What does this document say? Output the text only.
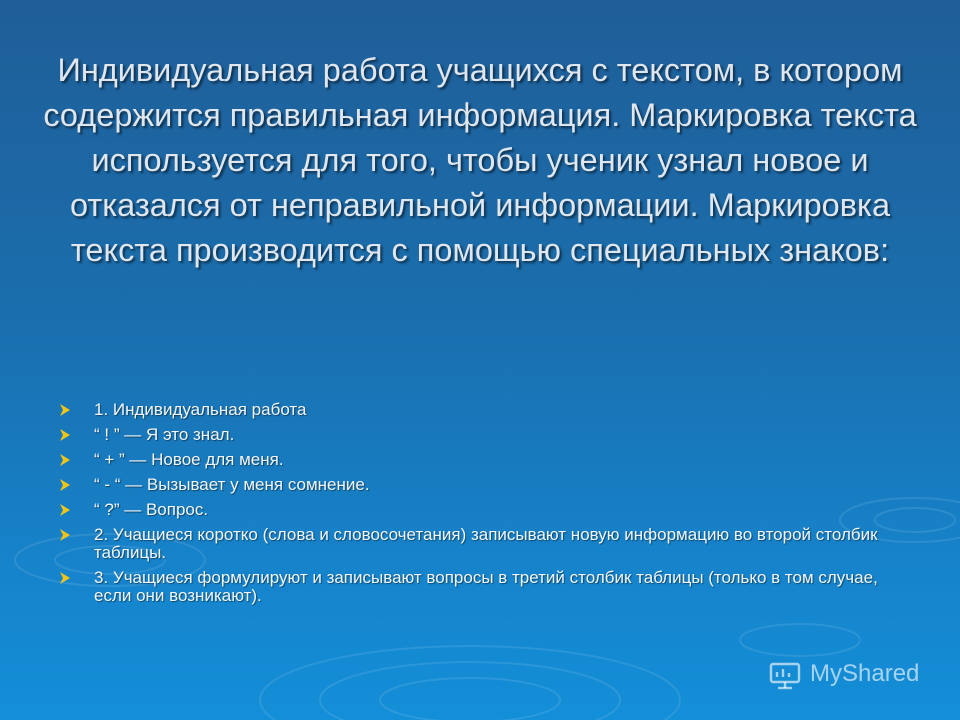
Индивидуальная работа учащихся с текстом, в котором содержится правильная информация. Маркировка текста используется для того, чтобы ученик узнал новое и отказался от неправильной информации. Маркировка текста производится с помощью специальных знаков:
1. Индивидуальная работа
“ ! ” — Я это знал.
“ + ” — Новое для меня.
“ - “ — Вызывает у меня сомнение.
“ ?” — Вопрос.
2. Учащиеся коротко (слова и словосочетания) записывают новую информацию во второй столбик таблицы.
3. Учащиеся формулируют и записывают вопросы в третий столбик таблицы (только в том случае, если они возникают).
MyShared
